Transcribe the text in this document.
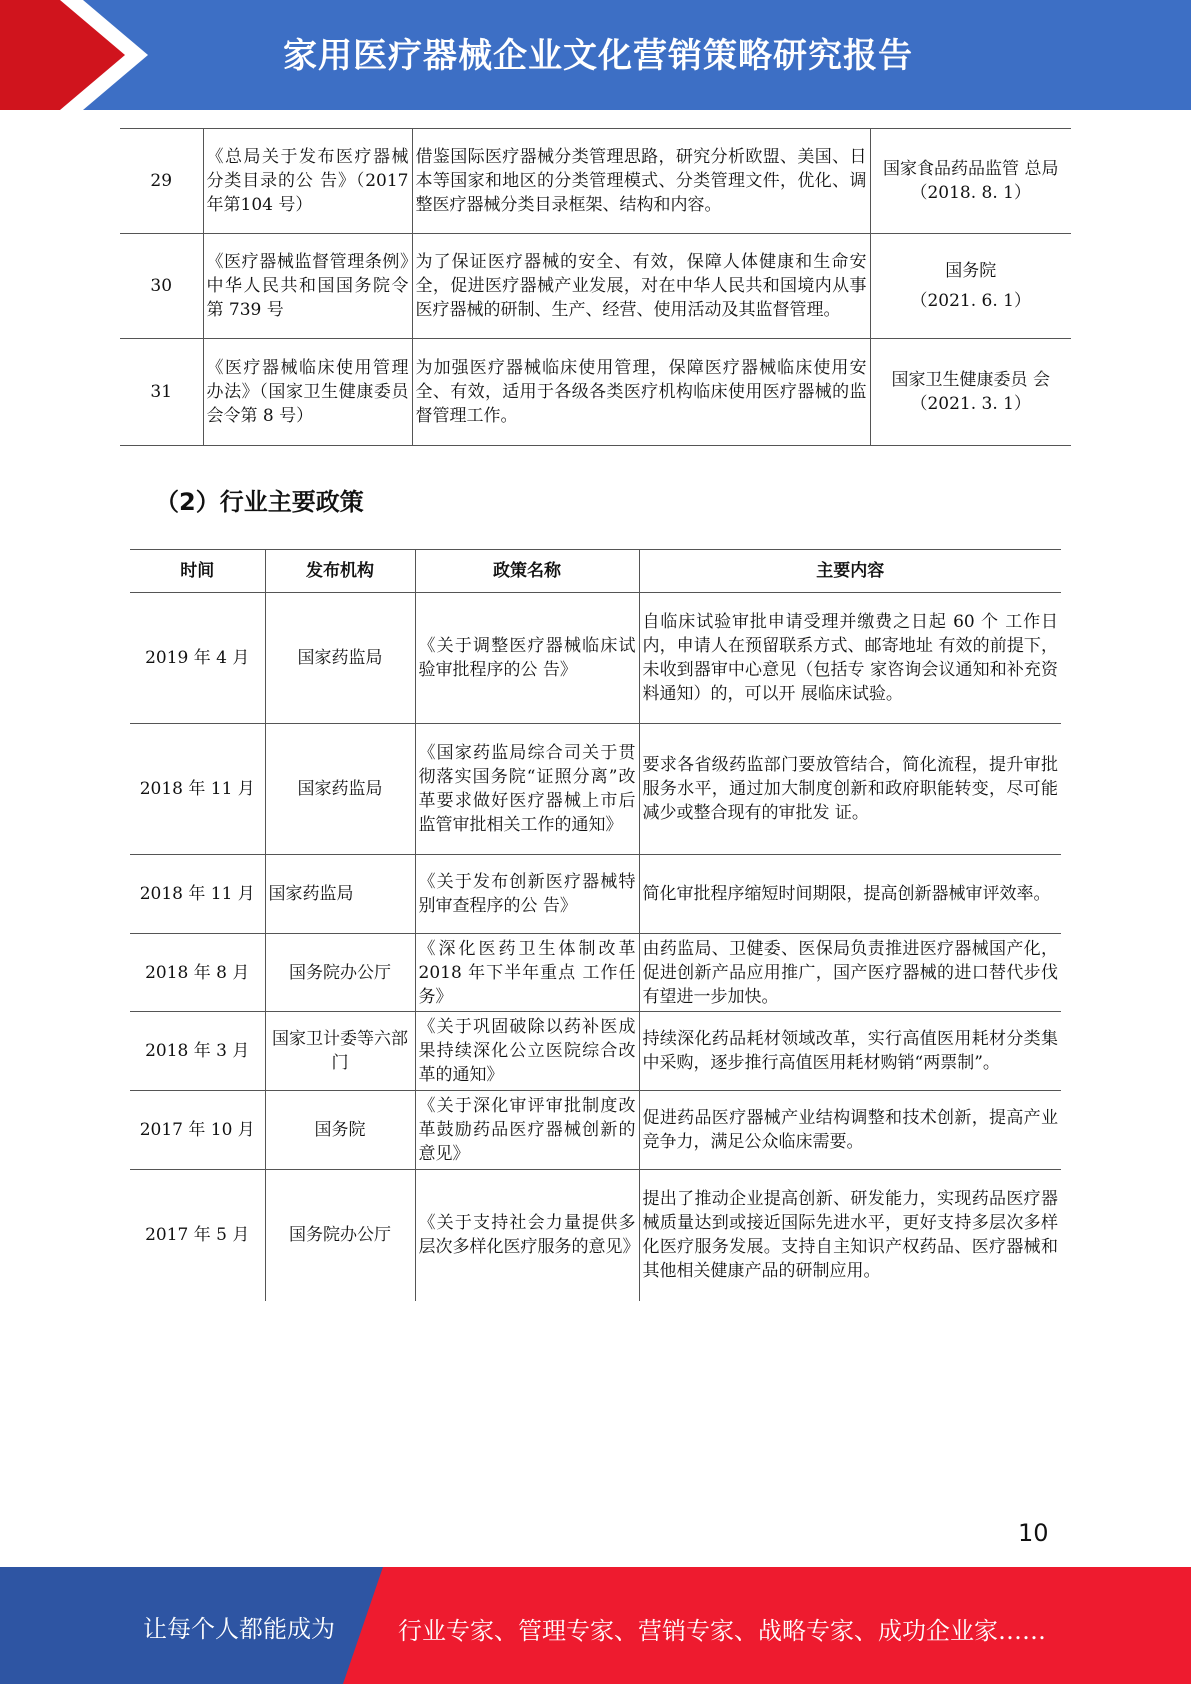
家用医疗器械企业文化营销策略研究报告
29	《总局关于发布医疗器械分类目录的公 告》（2017 年第104 号）	借鉴国际医疗器械分类管理思路，研究分析欧盟、美国、日本等国家和地区的分类管理模式、分类管理文件，优化、调整医疗器械分类目录框架、结构和内容。	国家食品药品监管 总局
（2018. 8. 1）

30	《医疗器械监督管理条例》中华人民共和国国务院令第 739 号	为了保证医疗器械的安全、有效，保障人体健康和生命安全，促进医疗器械产业发展，对在中华人民共和国境内从事医疗器械的研制、生产、经营、使用活动及其监督管理。	国务院
（2021. 6. 1）

31	《医疗器械临床使用管理办法》（国家卫生健康委员会令第 8 号）	为加强医疗器械临床使用管理，保障医疗器械临床使用安全、有效，适用于各级各类医疗机构临床使用医疗器械的监督管理工作。	国家卫生健康委员 会
（2021. 3. 1）
（2）行业主要政策
时间	发布机构	政策名称	主要内容
2019 年 4 月	国家药监局	《关于调整医疗器械临床试验审批程序的公 告》	自临床试验审批申请受理并缴费之日起 60 个 工作日内，申请人在预留联系方式、邮寄地址 有效的前提下，未收到器审中心意见（包括专 家咨询会议通知和补充资料通知）的，可以开 展临床试验。
2018 年 11 月	国家药监局	《国家药监局综合司关于贯彻落实国务院“证照分离”改革要求做好医疗器械上市后监管审批相关工作的通知》	要求各省级药监部门要放管结合，简化流程，提升审批服务水平，通过加大制度创新和政府职能转变，尽可能减少或整合现有的审批发 证。
2018 年 11 月	国家药监局	《关于发布创新医疗器械特别审查程序的公 告》	简化审批程序缩短时间期限，提高创新器械审评效率。
2018 年 8 月	国务院办公厅	《深化医药卫生体制改革 2018 年下半年重点 工作任务》	由药监局、卫健委、医保局负责推进医疗器械国产化，促进创新产品应用推广，国产医疗器械的进口替代步伐有望进一步加快。
2018 年 3 月	国家卫计委等六部门	《关于巩固破除以药补医成果持续深化公立医院综合改革的通知》	持续深化药品耗材领域改革，实行高值医用耗材分类集中采购，逐步推行高值医用耗材购销“两票制”。
2017 年 10 月	国务院	《关于深化审评审批制度改革鼓励药品医疗器械创新的意见》	促进药品医疗器械产业结构调整和技术创新，提高产业竞争力，满足公众临床需要。
2017 年 5 月	国务院办公厅	《关于支持社会力量提供多层次多样化医疗服务的意见》	提出了推动企业提高创新、研发能力，实现药品医疗器械质量达到或接近国际先进水平，更好支持多层次多样化医疗服务发展。支持自主知识产权药品、医疗器械和其他相关健康产品的研制应用。
10
让每个人都能成为	行业专家、管理专家、营销专家、战略专家、成功企业家……
